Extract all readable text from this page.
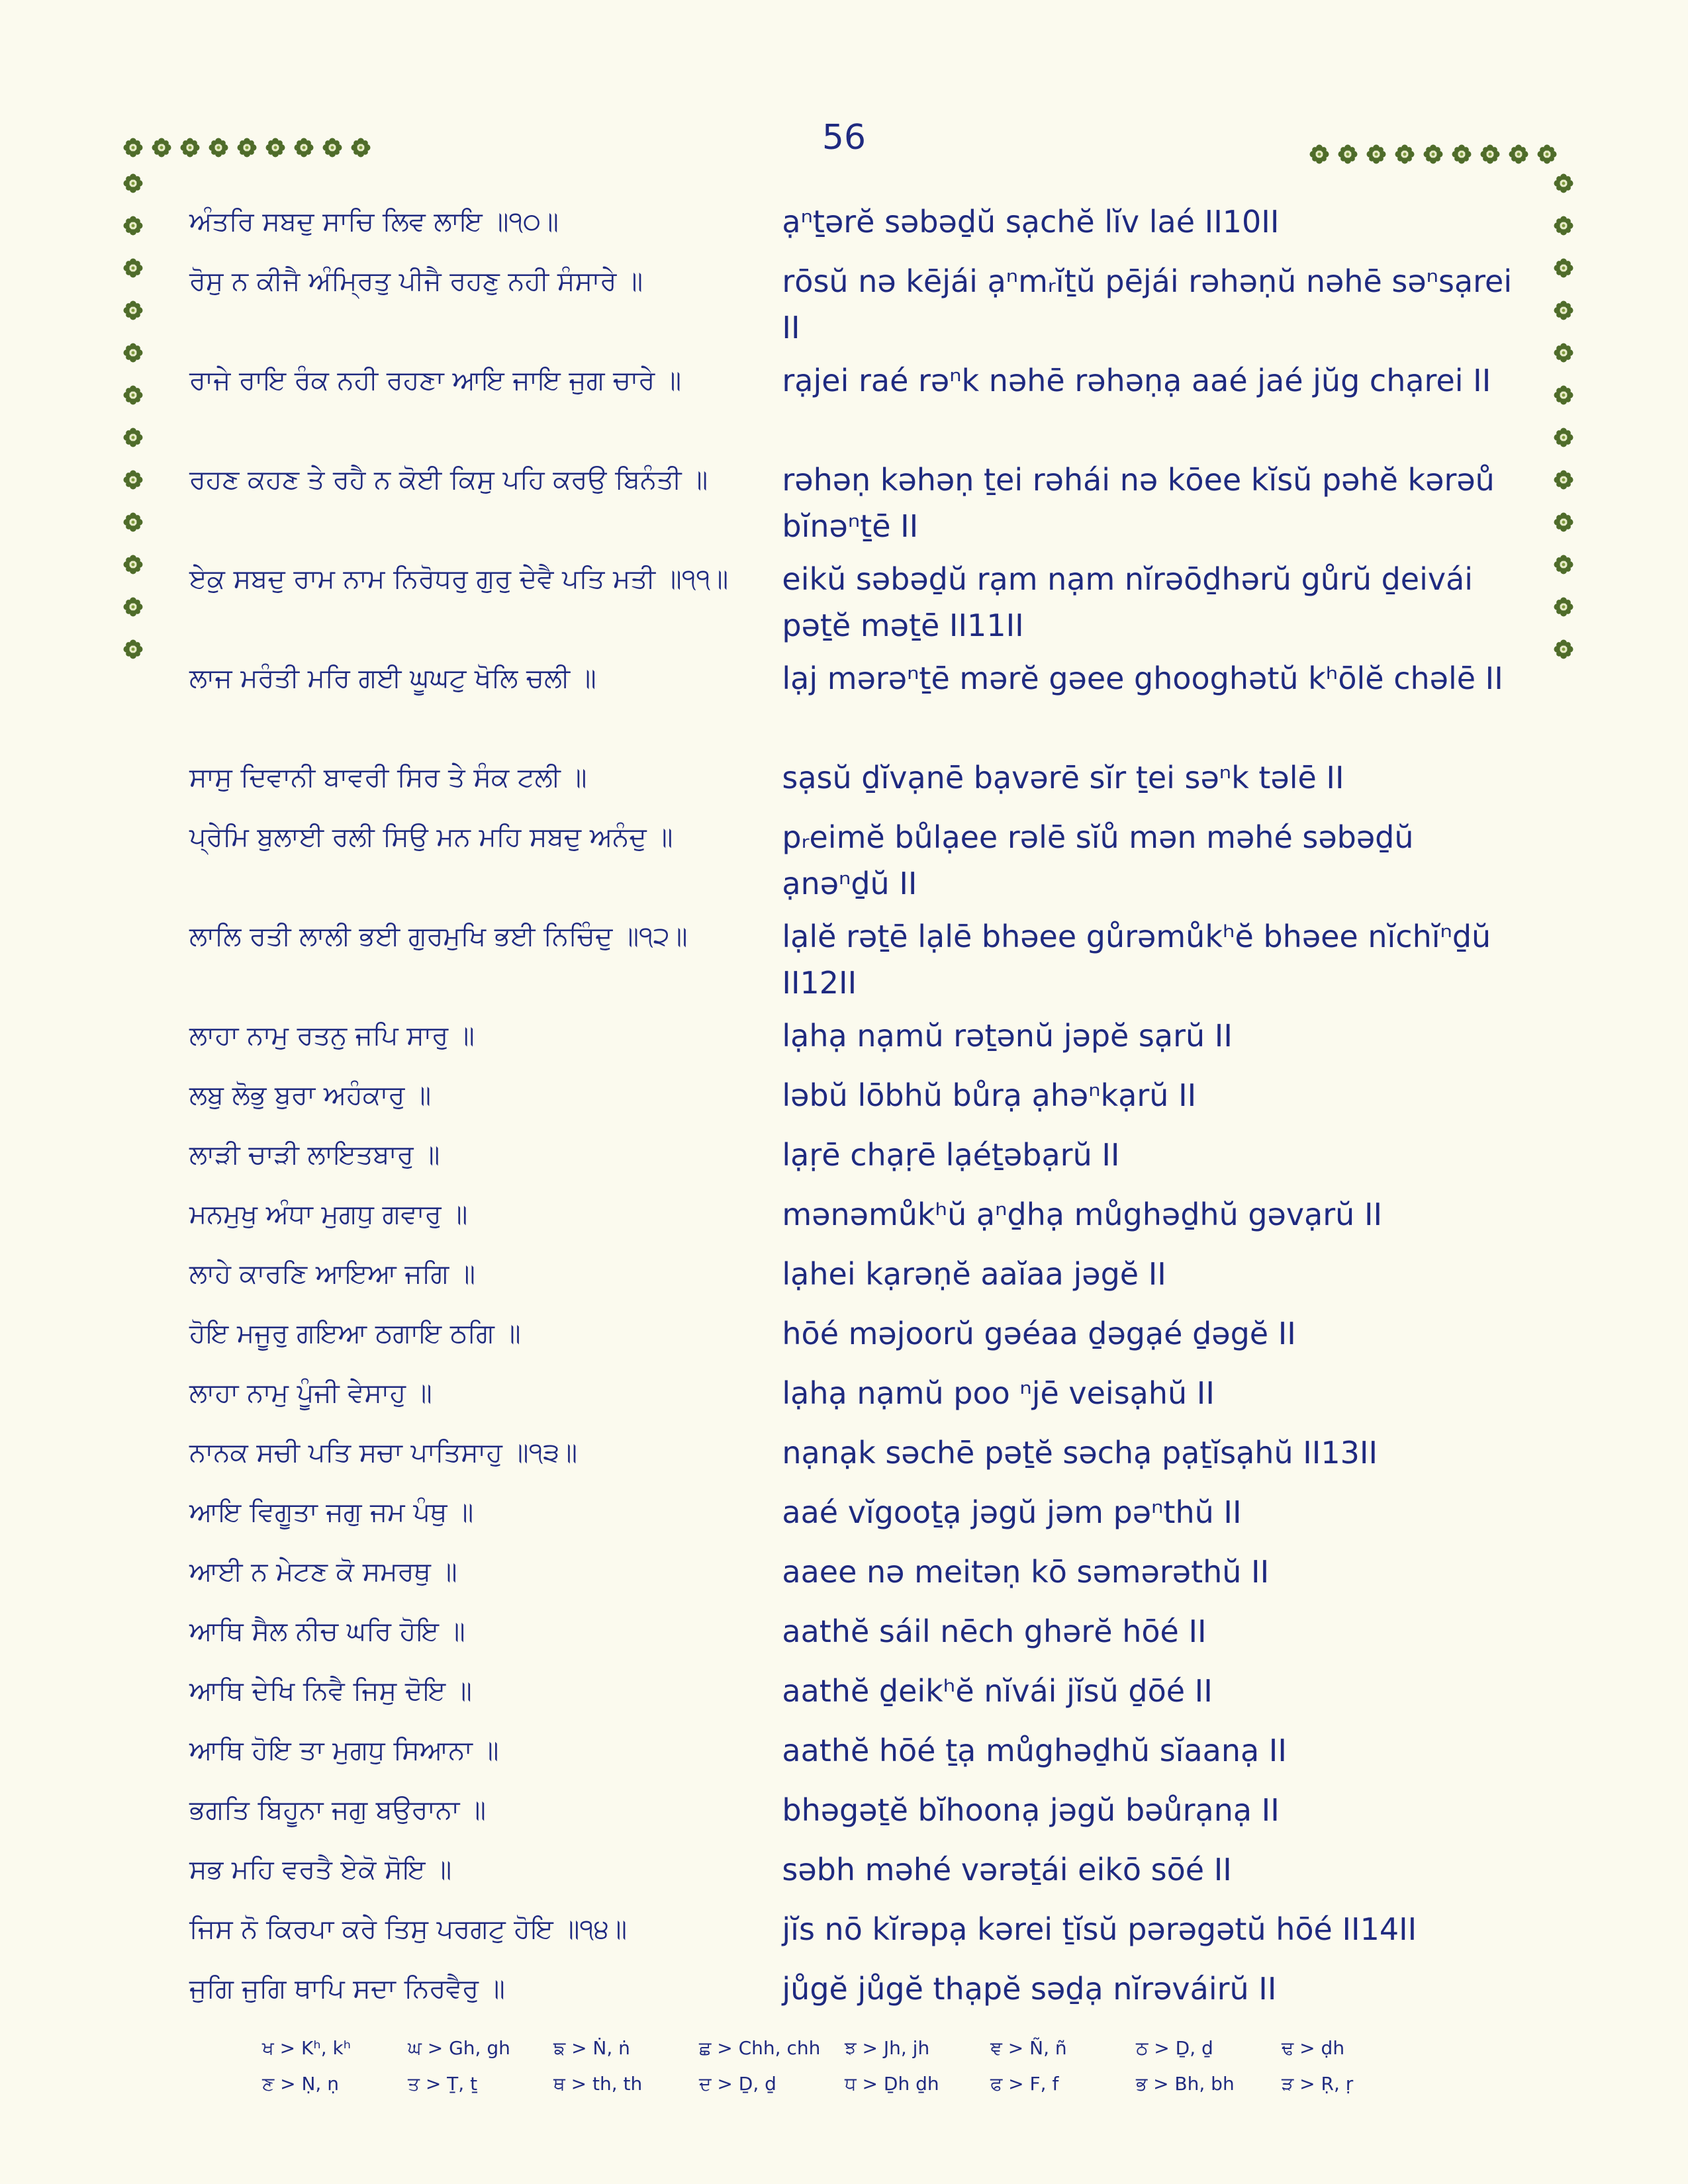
56
ਅੰਤਰਿ ਸਬਦੁ ਸਾਚਿ ਲਿਵ ਲਾਇ ॥੧੦॥	ạⁿṯərĕ səbəḏŭ sạchĕ lĭv laé II10II
ਰੋਸੁ ਨ ਕੀਜੈ ਅੰਮ੍ਰਿਤੁ ਪੀਜੈ ਰਹਣੁ ਨਹੀ ਸੰਸਾਰੇ ॥	rōsŭ nə kējái ạⁿmᵣĭṯŭ pējái rəhəṇŭ nəhē səⁿsạrei II
ਰਾਜੇ ਰਾਇ ਰੰਕ ਨਹੀ ਰਹਣਾ ਆਇ ਜਾਇ ਜੁਗ ਚਾਰੇ ॥	rạjei raé rəⁿk nəhē rəhəṇạ aaé jaé jŭg chạrei II
ਰਹਣ ਕਹਣ ਤੇ ਰਹੈ ਨ ਕੋਈ ਕਿਸੁ ਪਹਿ ਕਰਉ ਬਿਨੰਤੀ ॥	rəhəṇ kəhəṇ ṯei rəhái nə kōee kĭsŭ pəhĕ kərəů bĭnəⁿṯē II
ਏਕੁ ਸਬਦੁ ਰਾਮ ਨਾਮ ਨਿਰੋਧਰੁ ਗੁਰੁ ਦੇਵੈ ਪਤਿ ਮਤੀ ॥੧੧॥	eikŭ səbəḏŭ rạm nạm nĭrəōḏhərŭ gůrŭ ḏeivái pəṯĕ məṯē II11II
ਲਾਜ ਮਰੰਤੀ ਮਰਿ ਗਈ ਘੂਘਟੁ ਖੋਲਿ ਚਲੀ ॥	lạj mərəⁿṯē mərĕ gəee ghooghətŭ kʰōlĕ chəlē II
ਸਾਸੁ ਦਿਵਾਨੀ ਬਾਵਰੀ ਸਿਰ ਤੇ ਸੰਕ ਟਲੀ ॥	sạsŭ ḏĭvạnē bạvərē sĭr ṯei səⁿk təlē II
ਪ੍ਰੇਮਿ ਬੁਲਾਈ ਰਲੀ ਸਿਉ ਮਨ ਮਹਿ ਸਬਦੁ ਅਨੰਦੁ ॥	pᵣeimĕ bůlạee rəlē sĭů mən məhé səbəḏŭ ạnəⁿḏŭ II
ਲਾਲਿ ਰਤੀ ਲਾਲੀ ਭਈ ਗੁਰਮੁਖਿ ਭਈ ਨਿਚਿੰਦੁ ॥੧੨॥	lạlĕ rəṯē lạlē bhəee gůrəmůkʰĕ bhəee nĭchĭⁿḏŭ II12II
ਲਾਹਾ ਨਾਮੁ ਰਤਨੁ ਜਪਿ ਸਾਰੁ ॥	lạhạ nạmŭ rəṯənŭ jəpĕ sạrŭ II
ਲਬੁ ਲੋਭੁ ਬੁਰਾ ਅਹੰਕਾਰੁ ॥	ləbŭ lōbhŭ bůrạ ạhəⁿkạrŭ II
ਲਾੜੀ ਚਾੜੀ ਲਾਇਤਬਾਰੁ ॥	lạṛē chạṛē lạéṯəbạrŭ II
ਮਨਮੁਖੁ ਅੰਧਾ ਮੁਗਧੁ ਗਵਾਰੁ ॥	mənəmůkʰŭ ạⁿḏhạ můghəḏhŭ gəvạrŭ II
ਲਾਹੇ ਕਾਰਣਿ ਆਇਆ ਜਗਿ ॥	lạhei kạrəṇĕ aaĭaa jəgĕ II
ਹੋਇ ਮਜੂਰੁ ਗਇਆ ਠਗਾਇ ਠਗਿ ॥	hōé məjoorŭ gəéaa ḏəgạé ḏəgĕ II
ਲਾਹਾ ਨਾਮੁ ਪੂੰਜੀ ਵੇਸਾਹੁ ॥	lạhạ nạmŭ poo ⁿjē veisạhŭ II
ਨਾਨਕ ਸਚੀ ਪਤਿ ਸਚਾ ਪਾਤਿਸਾਹੁ ॥੧੩॥	nạnạk səchē pəṯĕ səchạ pạṯĭsạhŭ II13II
ਆਇ ਵਿਗੂਤਾ ਜਗੁ ਜਮ ਪੰਥੁ ॥	aaé vĭgooṯạ jəgŭ jəm pəⁿthŭ II
ਆਈ ਨ ਮੇਟਣ ਕੋ ਸਮਰਥੁ ॥	aaee nə meitəṇ kō səmərəthŭ II
ਆਥਿ ਸੈਲ ਨੀਚ ਘਰਿ ਹੋਇ ॥	aathĕ sáil nēch ghərĕ hōé II
ਆਥਿ ਦੇਖਿ ਨਿਵੈ ਜਿਸੁ ਦੋਇ ॥	aathĕ ḏeikʰĕ nĭvái jĭsŭ ḏōé II
ਆਥਿ ਹੋਇ ਤਾ ਮੁਗਧੁ ਸਿਆਨਾ ॥	aathĕ hōé ṯạ můghəḏhŭ sĭaanạ II
ਭਗਤਿ ਬਿਹੂਨਾ ਜਗੁ ਬਉਰਾਨਾ ॥	bhəgəṯĕ bĭhoonạ jəgŭ bəůrạnạ II
ਸਭ ਮਹਿ ਵਰਤੈ ਏਕੋ ਸੋਇ ॥	səbh məhé vərəṯái eikō sōé II
ਜਿਸ ਨੋ ਕਿਰਪਾ ਕਰੇ ਤਿਸੁ ਪਰਗਟੁ ਹੋਇ ॥੧੪॥	jĭs nō kĭrəpạ kərei ṯĭsŭ pərəgətŭ hōé II14II
ਜੁਗਿ ਜੁਗਿ ਥਾਪਿ ਸਦਾ ਨਿਰਵੈਰੁ ॥	jůgĕ jůgĕ thạpĕ səḏạ nĭrəváirŭ II
ਖ > Kʰ, kʰ	ਘ > Gh, gh	ਙ > Ṅ, ṅ	ਛ > Chh, chh	ਝ > Jh, jh	ਞ > Ñ, ñ	ਠ > Ḏ, ḏ	ਢ > ḍh
ਣ > Ṇ, ṇ	ਤ > Ṯ, ṯ	ਥ > th, th	ਦ > Ḏ, ḏ	ਧ > Ḏh ḏh	ਫ > F, f	ਭ > Bh, bh	ੜ > Ṛ, ṛ
